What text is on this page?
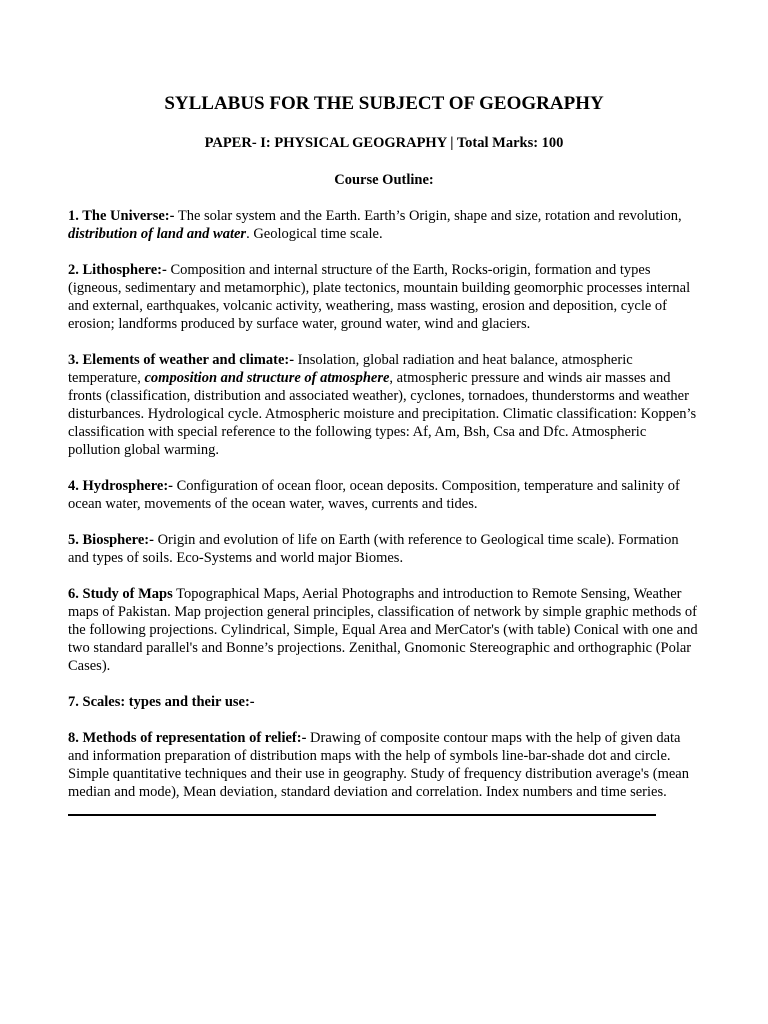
SYLLABUS FOR THE SUBJECT OF GEOGRAPHY
PAPER- I: PHYSICAL GEOGRAPHY | Total Marks: 100
Course Outline:

1. The Universe:- The solar system and the Earth. Earth’s Origin, shape and size, rotation and revolution, distribution of land and water. Geological time scale.

2. Lithosphere:- Composition and internal structure of the Earth, Rocks-origin, formation and types (igneous, sedimentary and metamorphic), plate tectonics, mountain building geomorphic processes internal and external, earthquakes, volcanic activity, weathering, mass wasting, erosion and deposition, cycle of erosion; landforms produced by surface water, ground water, wind and glaciers.

3. Elements of weather and climate:- Insolation, global radiation and heat balance, atmospheric temperature, composition and structure of atmosphere, atmospheric pressure and winds air masses and fronts (classification, distribution and associated weather), cyclones, tornadoes, thunderstorms and weather disturbances. Hydrological cycle. Atmospheric moisture and precipitation. Climatic classification: Koppen’s classification with special reference to the following types: Af, Am, Bsh, Csa and Dfc. Atmospheric pollution global warming.

4. Hydrosphere:- Configuration of ocean floor, ocean deposits. Composition, temperature and salinity of ocean water, movements of the ocean water, waves, currents and tides.

5. Biosphere:- Origin and evolution of life on Earth (with reference to Geological time scale). Formation and types of soils. Eco-Systems and world major Biomes.

6. Study of Maps Topographical Maps, Aerial Photographs and introduction to Remote Sensing, Weather maps of Pakistan. Map projection general principles, classification of network by simple graphic methods of the following projections. Cylindrical, Simple, Equal Area and MerCator's (with table) Conical with one and two standard parallel's and Bonne’s projections. Zenithal, Gnomonic Stereographic and orthographic (Polar Cases).

7. Scales: types and their use:-

8. Methods of representation of relief:- Drawing of composite contour maps with the help of given data and information preparation of distribution maps with the help of symbols line-bar-shade dot and circle. Simple quantitative techniques and their use in geography. Study of frequency distribution average's (mean median and mode), Mean deviation, standard deviation and correlation. Index numbers and time series.
